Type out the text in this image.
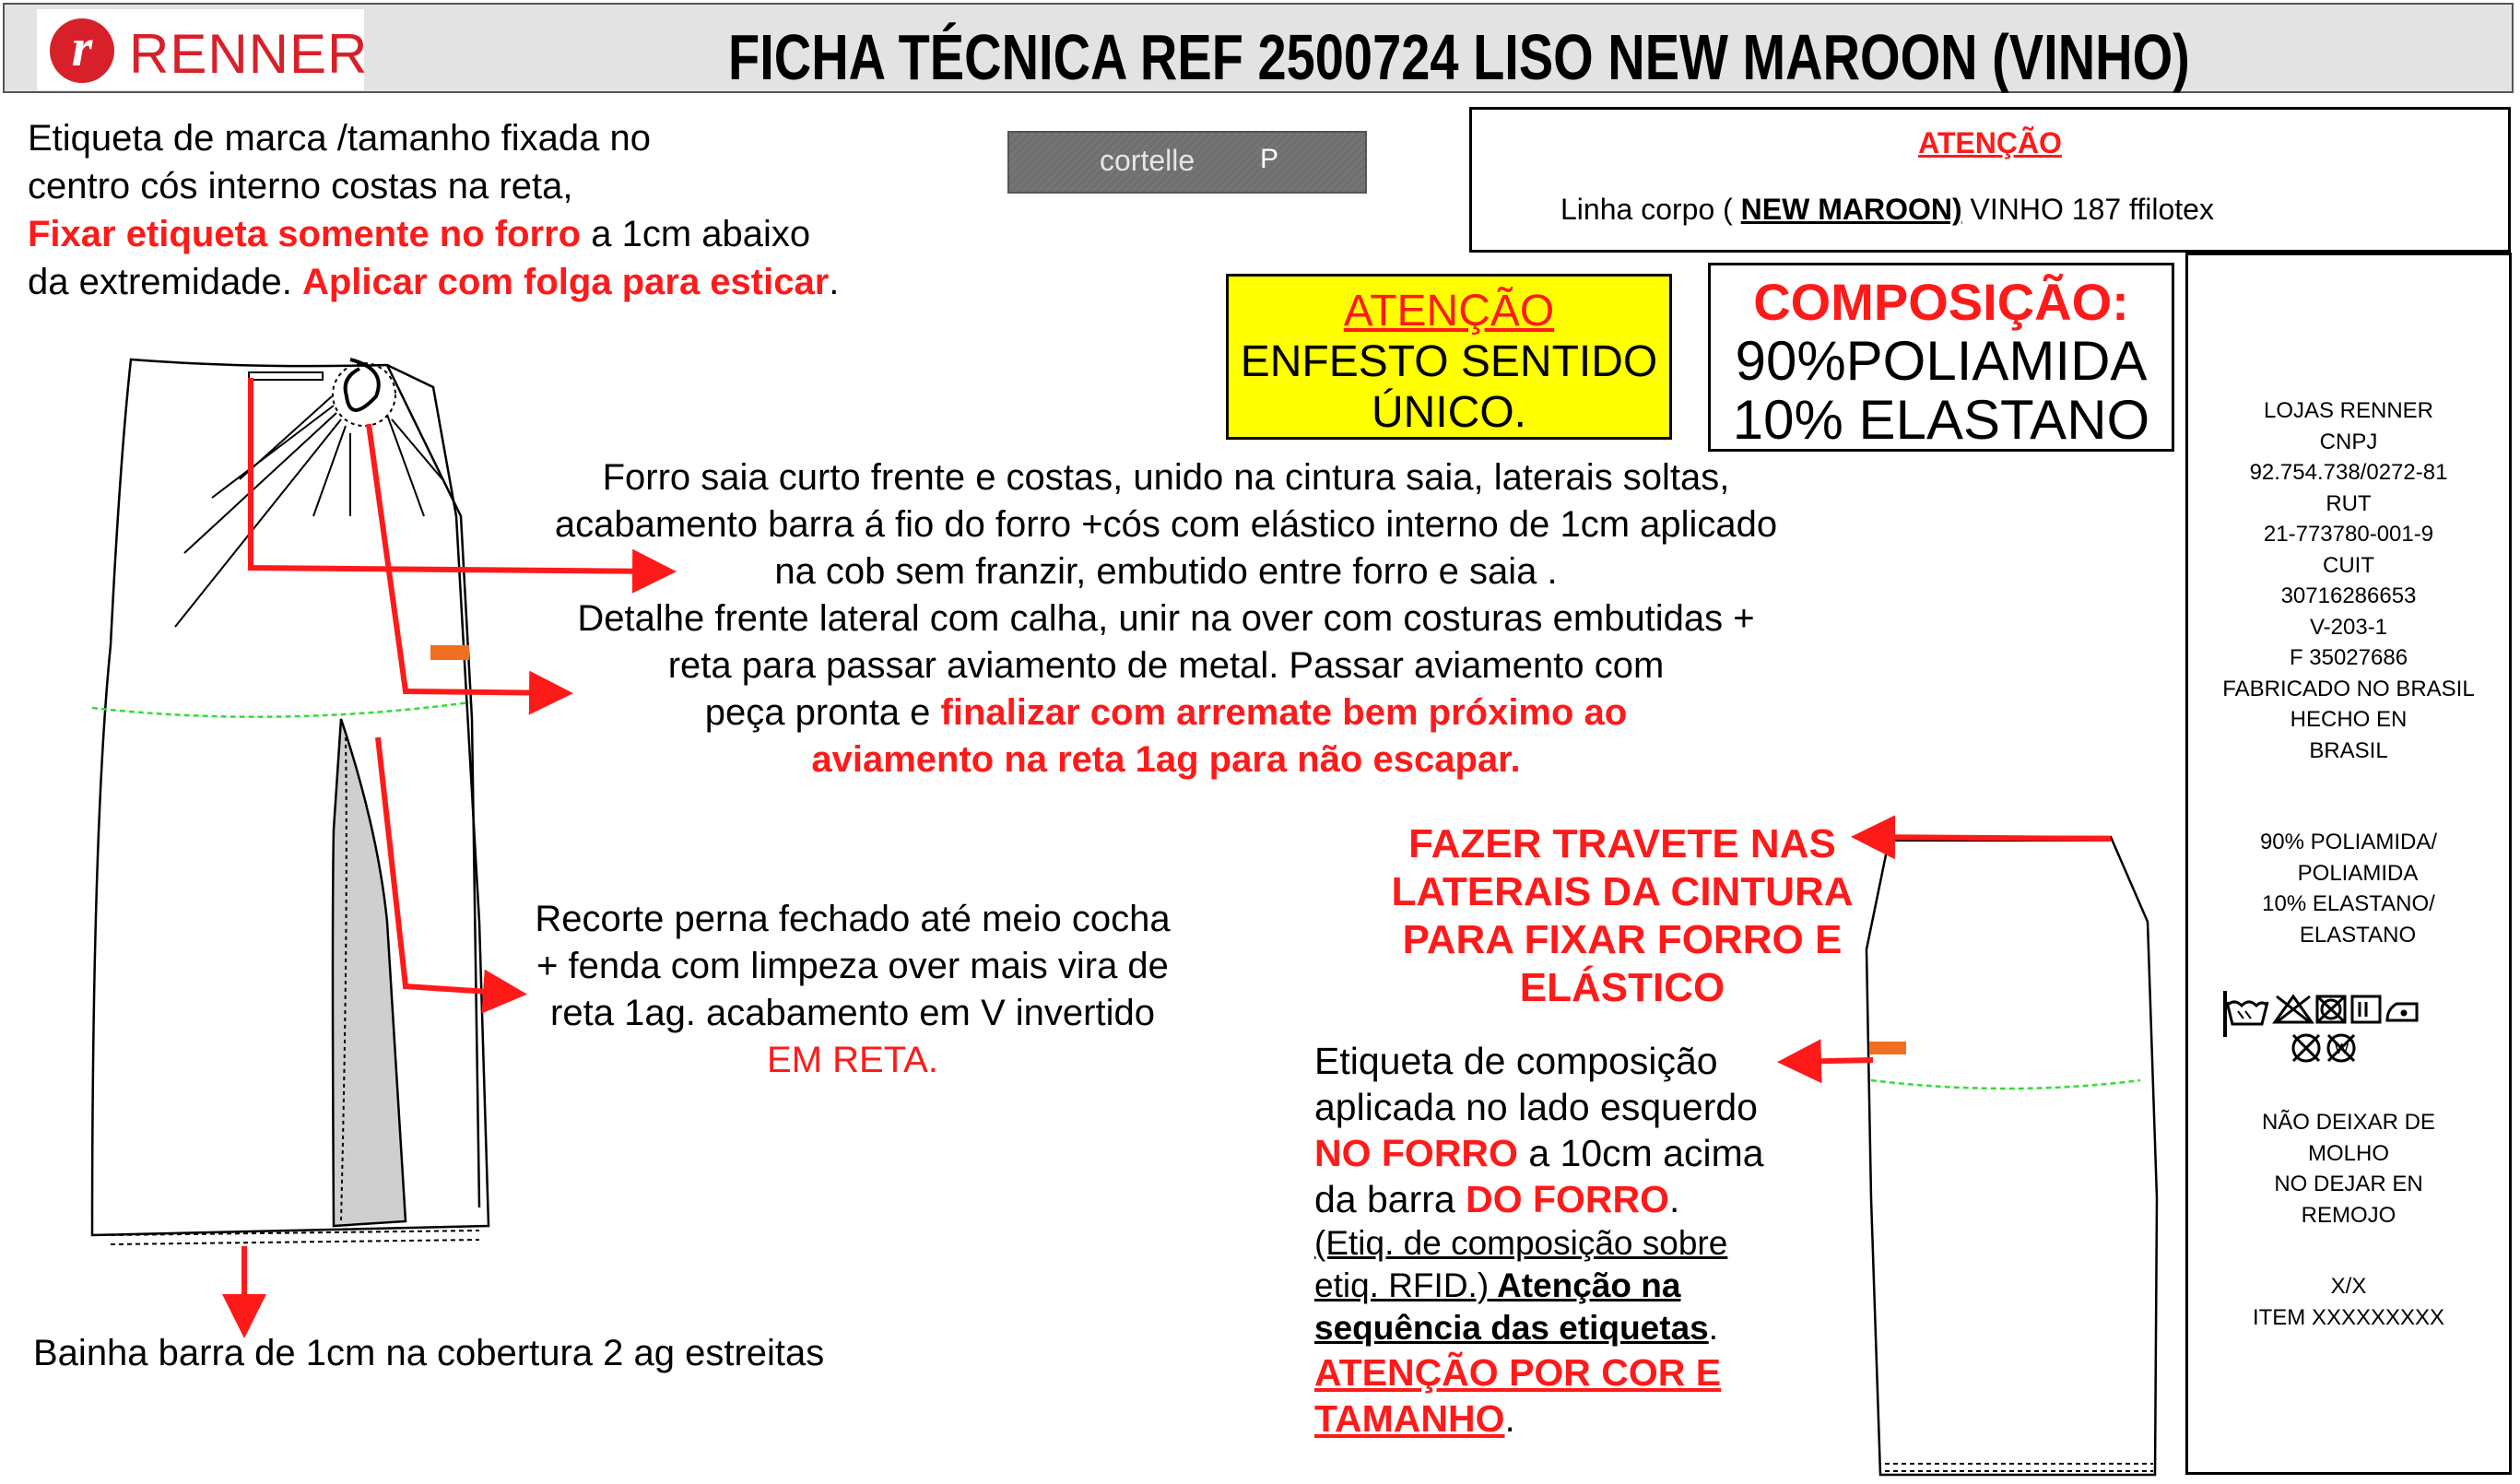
r RENNER	FICHA TÉCNICA REF 2500724 LISO NEW MAROON (VINHO)
Etiqueta de marca /tamanho fixada no
centro cós interno costas na reta,
Fixar etiqueta somente no forro a 1cm abaixo
da extremidade. Aplicar com folga para esticar.
cortelle P	ATENÇÃO
Linha corpo ( NEW MAROON) VINHO 187 ffilotex
ATENÇÃO
ENFESTO SENTIDO
ÚNICO.
COMPOSIÇÃO:
90%POLIAMIDA
10% ELASTANO	LOJAS RENNER
CNPJ
92.754.738/0272-81
RUT
21-773780-001-9
CUIT
30716286653
V-203-1
F 35027686
FABRICADO NO BRASIL
HECHO EN
BRASIL
90% POLIAMIDA/
POLIAMIDA
10% ELASTANO/
ELASTANO
W
NÃO DEIXAR DE
MOLHO
NO DEJAR EN
REMOJO
X/X
ITEM XXXXXXXXX
Forro saia curto frente e costas, unido na cintura saia, laterais soltas,
acabamento barra á fio do forro +cós com elástico interno de 1cm aplicado
na cob sem franzir, embutido entre forro e saia .
Detalhe frente lateral com calha, unir na over com costuras embutidas +
reta para passar aviamento de metal. Passar aviamento com
peça pronta e finalizar com arremate bem próximo ao
aviamento na reta 1ag para não escapar.
Recorte perna fechado até meio cocha
+ fenda com limpeza over mais vira de
reta 1ag. acabamento em V invertido
EM RETA.
Bainha barra de 1cm na cobertura 2 ag estreitas
FAZER TRAVETE NAS
LATERAIS DA CINTURA
PARA FIXAR FORRO E
ELÁSTICO
Etiqueta de composição
aplicada no lado esquerdo
NO FORRO a 10cm acima
da barra DO FORRO.
(Etiq. de composição sobre
etiq. RFID.) Atenção na
sequência das etiquetas.
ATENÇÃO POR COR E
TAMANHO.
